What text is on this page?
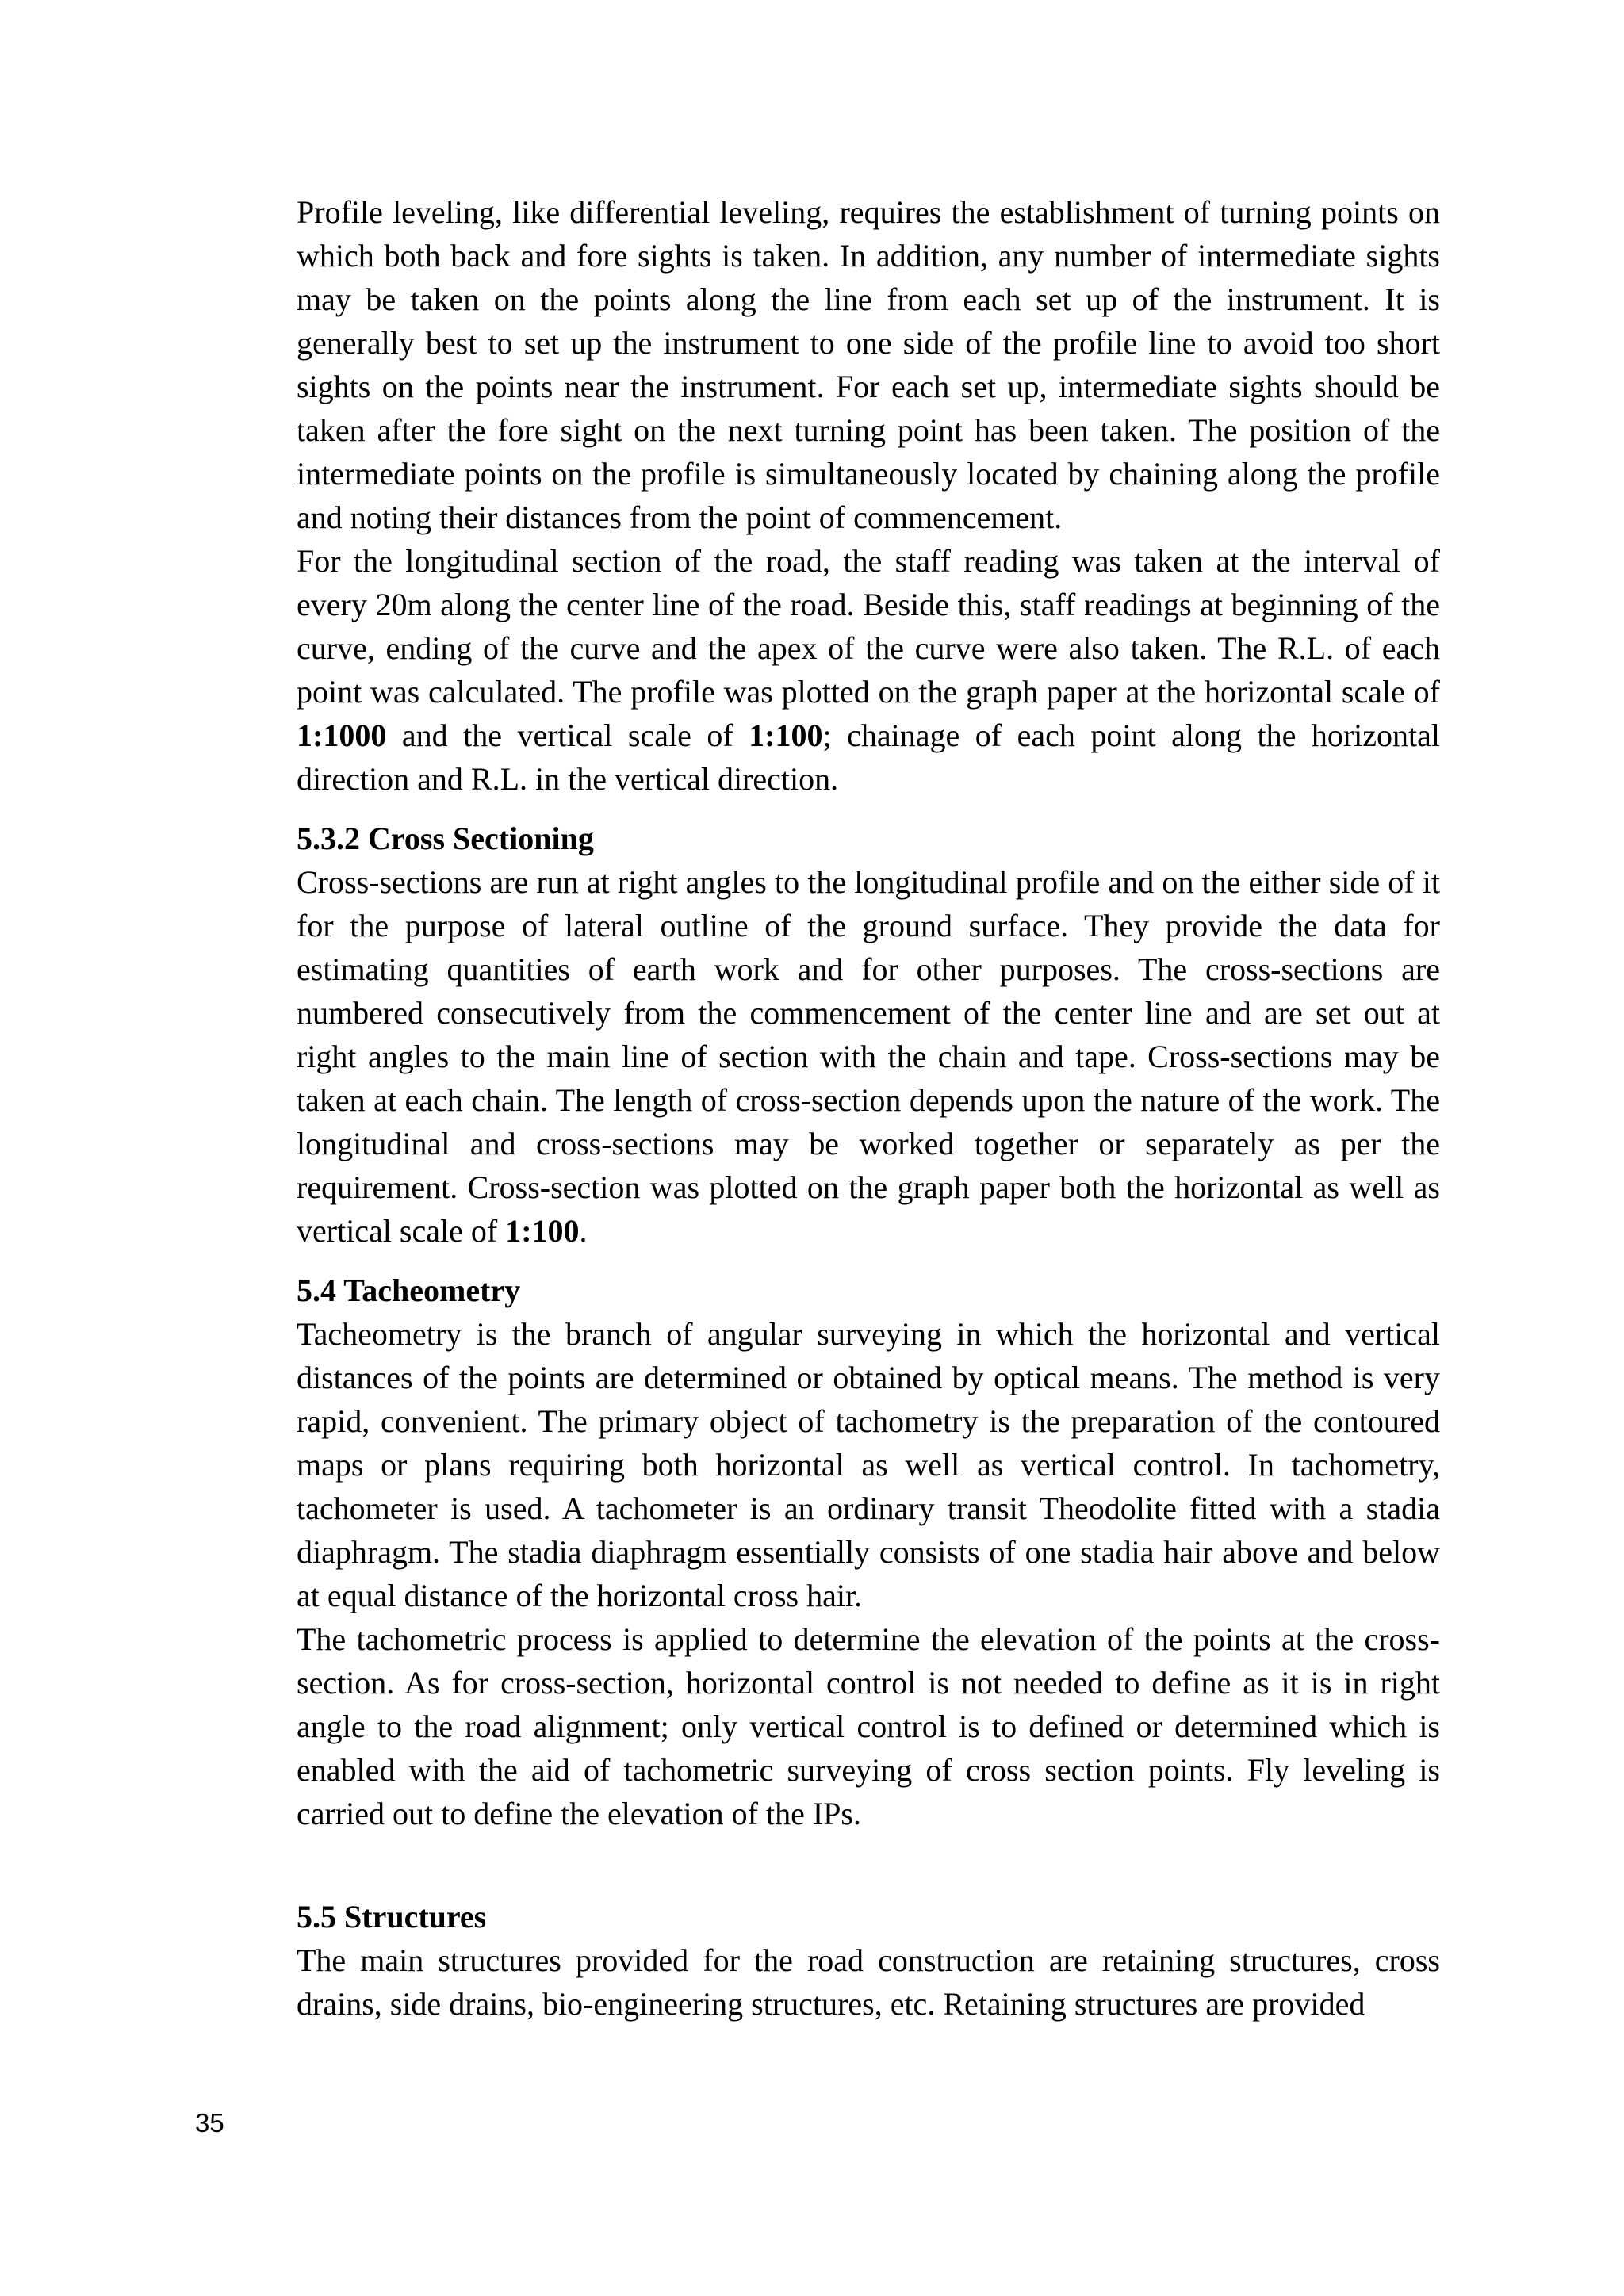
Profile leveling, like differential leveling, requires the establishment of turning points on which both back and fore sights is taken. In addition, any number of intermediate sights may be taken on the points along the line from each set up of the instrument. It is generally best to set up the instrument to one side of the profile line to avoid too short sights on the points near the instrument. For each set up, intermediate sights should be taken after the fore sight on the next turning point has been taken. The position of the intermediate points on the profile is simultaneously located by chaining along the profile and noting their distances from the point of commencement.

For the longitudinal section of the road, the staff reading was taken at the interval of every 20m along the center line of the road. Beside this, staff readings at beginning of the curve, ending of the curve and the apex of the curve were also taken. The R.L. of each point was calculated. The profile was plotted on the graph paper at the horizontal scale of 1:1000 and the vertical scale of 1:100; chainage of each point along the horizontal direction and R.L. in the vertical direction.

5.3.2 Cross Sectioning

Cross-sections are run at right angles to the longitudinal profile and on the either side of it for the purpose of lateral outline of the ground surface. They provide the data for estimating quantities of earth work and for other purposes. The cross-sections are numbered consecutively from the commencement of the center line and are set out at right angles to the main line of section with the chain and tape. Cross-sections may be taken at each chain. The length of cross-section depends upon the nature of the work. The longitudinal and cross-sections may be worked together or separately as per the requirement. Cross-section was plotted on the graph paper both the horizontal as well as vertical scale of 1:100.

5.4 Tacheometry

Tacheometry is the branch of angular surveying in which the horizontal and vertical distances of the points are determined or obtained by optical means. The method is very rapid, convenient. The primary object of tachometry is the preparation of the contoured maps or plans requiring both horizontal as well as vertical control. In tachometry, tachometer is used. A tachometer is an ordinary transit Theodolite fitted with a stadia diaphragm. The stadia diaphragm essentially consists of one stadia hair above and below at equal distance of the horizontal cross hair.

The tachometric process is applied to determine the elevation of the points at the cross-section. As for cross-section, horizontal control is not needed to define as it is in right angle to the road alignment; only vertical control is to defined or determined which is enabled with the aid of tachometric surveying of cross section points. Fly leveling is carried out to define the elevation of the IPs.

5.5 Structures

The main structures provided for the road construction are retaining structures, cross drains, side drains, bio-engineering structures, etc. Retaining structures are provided

35
